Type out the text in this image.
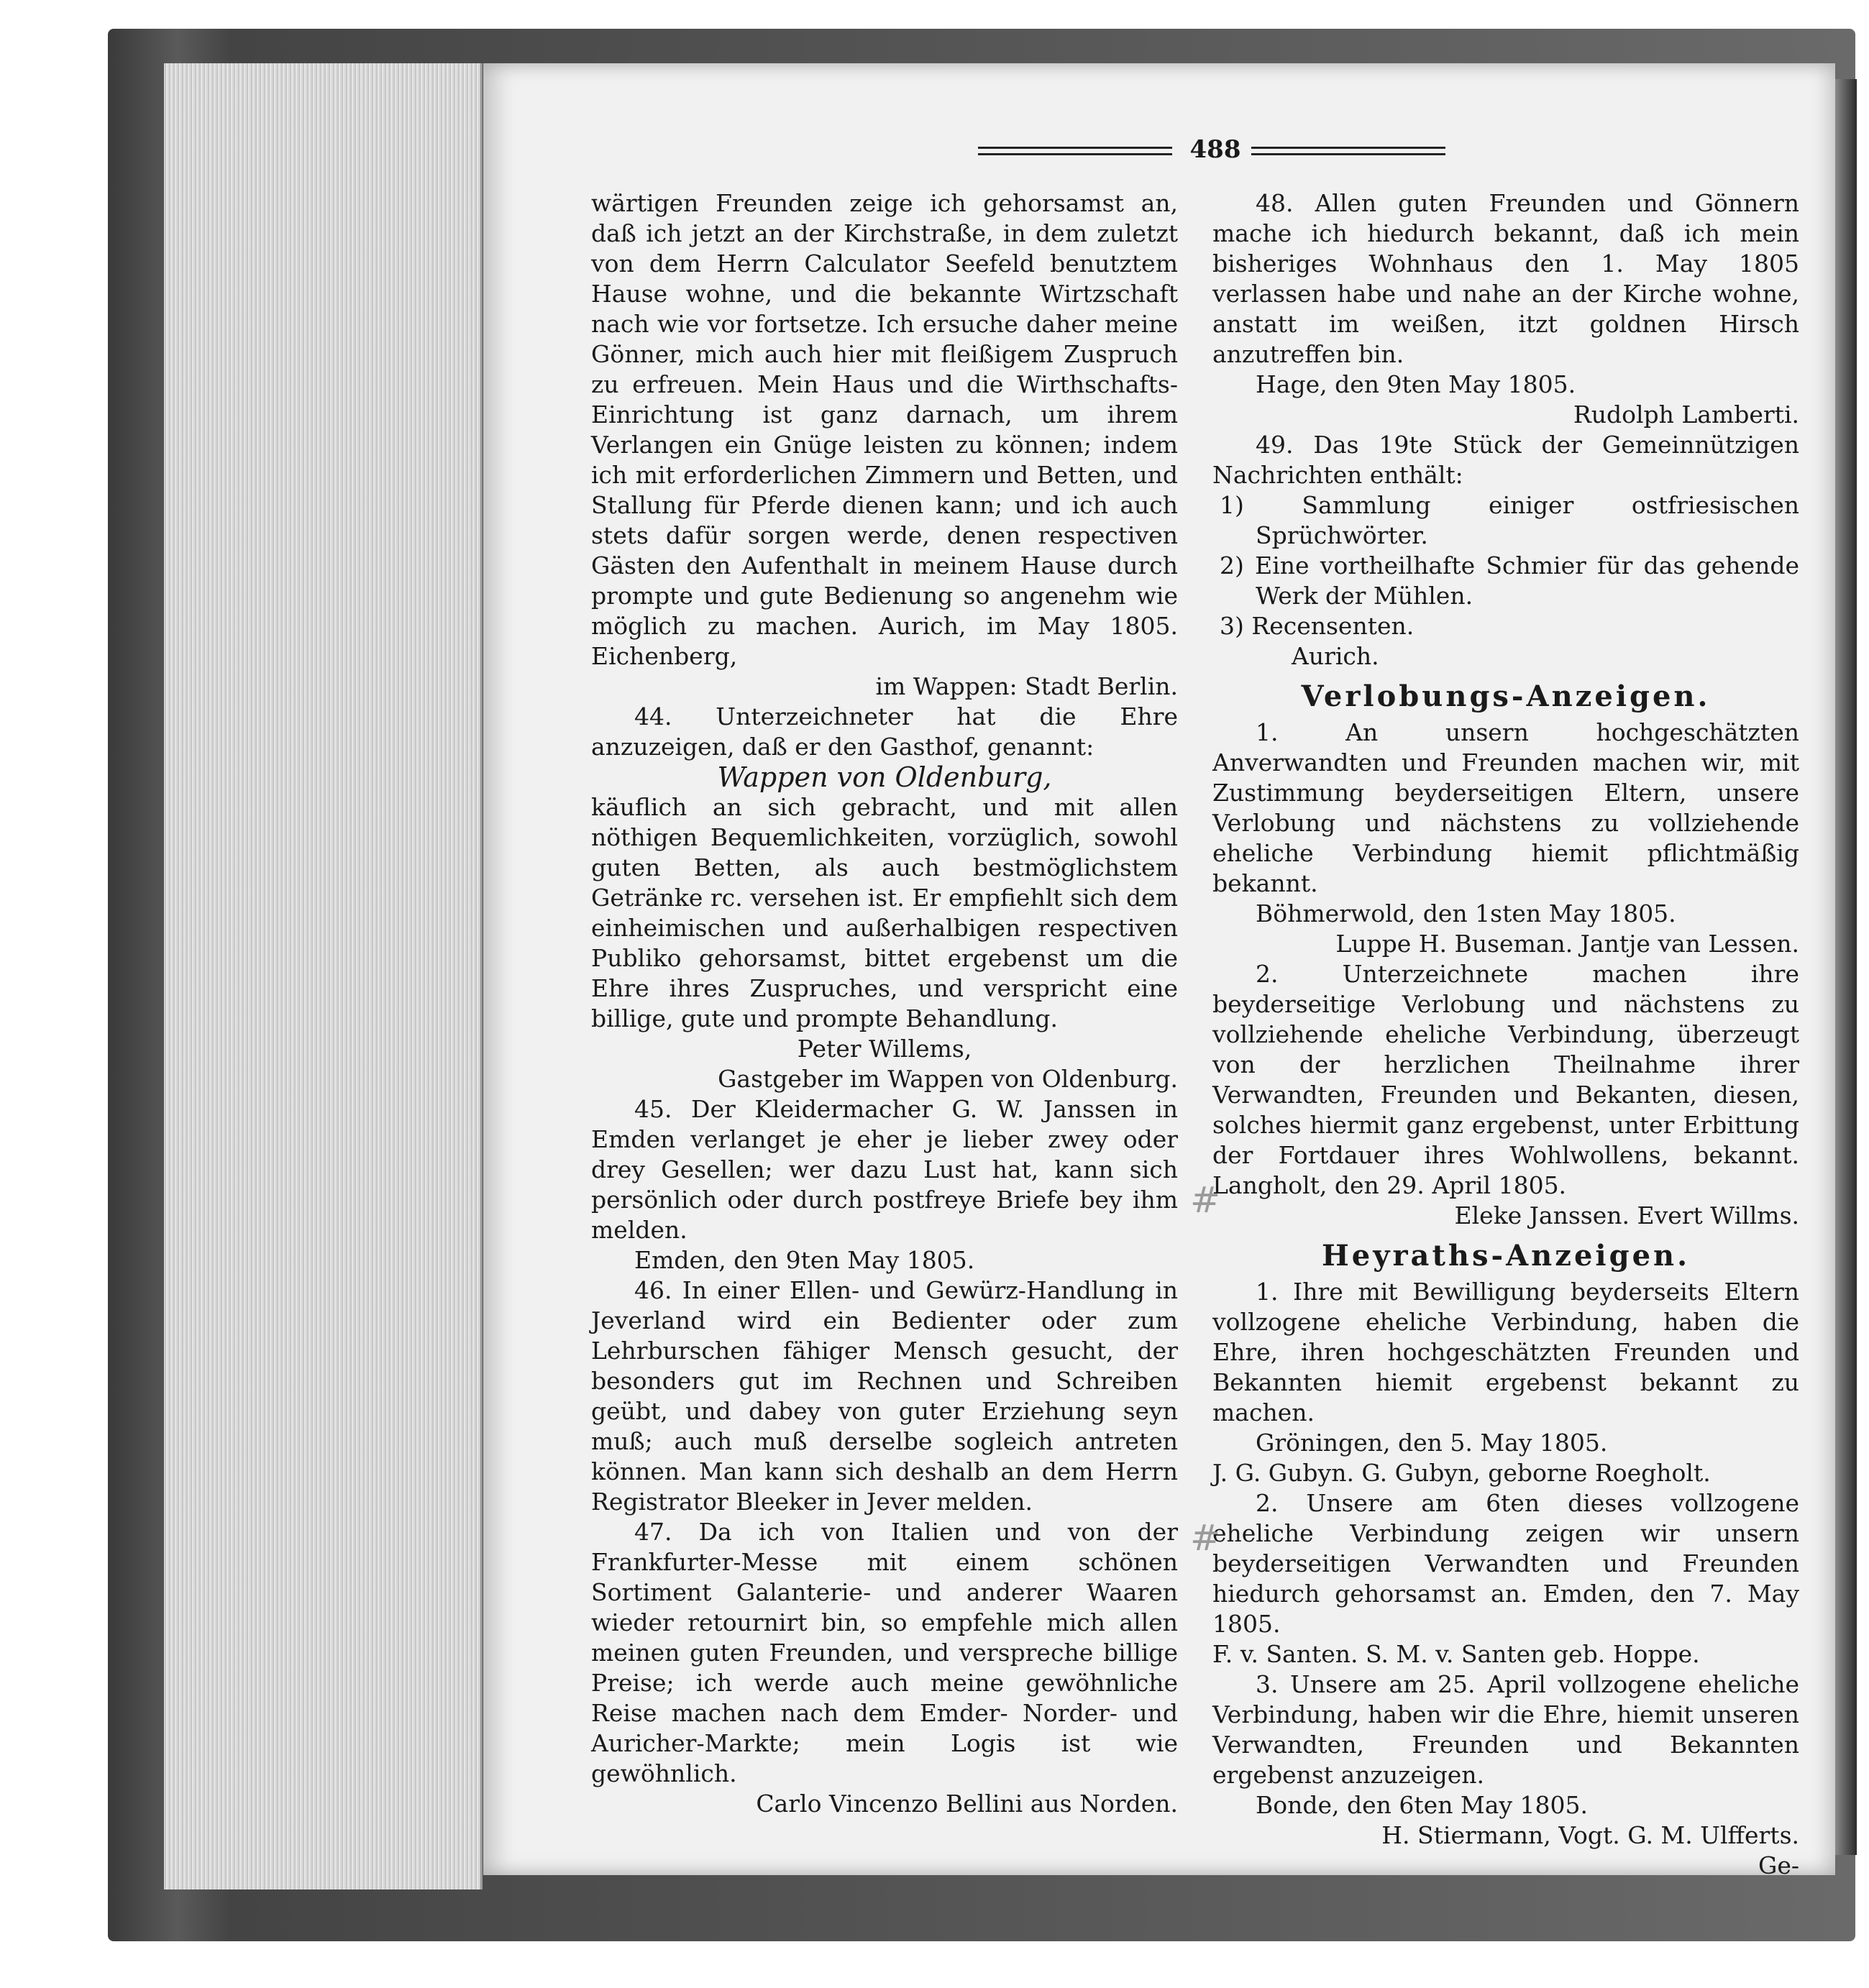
488

wärtigen Freunden zeige ich gehorsamst an, daß ich jetzt an der Kirchstraße, in dem zuletzt von dem Herrn Calculator Seefeld benutztem Hause wohne, und die bekannte Wirtzschaft nach wie vor fortsetze. Ich ersuche daher meine Gönner, mich auch hier mit fleißigem Zuspruch zu erfreuen. Mein Haus und die Wirthschafts-Einrichtung ist ganz darnach, um ihrem Verlangen ein Gnüge leisten zu können; indem ich mit erforderlichen Zimmern und Betten, und Stallung für Pferde dienen kann; und ich auch stets dafür sorgen werde, denen respectiven Gästen den Aufenthalt in meinem Hause durch prompte und gute Bedienung so angenehm wie möglich zu machen. Aurich, im May 1805. Eichenberg,

im Wappen: Stadt Berlin.

44. Unterzeichneter hat die Ehre anzuzeigen, daß er den Gasthof, genannt:

Wappen von Oldenburg,

käuflich an sich gebracht, und mit allen nöthigen Bequemlichkeiten, vorzüglich, sowohl guten Betten, als auch bestmöglichstem Getränke rc. versehen ist. Er empfiehlt sich dem einheimischen und außerhalbigen respectiven Publiko gehorsamst, bittet ergebenst um die Ehre ihres Zuspruches, und verspricht eine billige, gute und prompte Behandlung.

Peter Willems,

Gastgeber im Wappen von Oldenburg.

45. Der Kleidermacher G. W. Janssen in Emden verlanget je eher je lieber zwey oder drey Gesellen; wer dazu Lust hat, kann sich persönlich oder durch postfreye Briefe bey ihm melden.

Emden, den 9ten May 1805.

46. In einer Ellen- und Gewürz-Handlung in Jeverland wird ein Bedienter oder zum Lehrburschen fähiger Mensch gesucht, der besonders gut im Rechnen und Schreiben geübt, und dabey von guter Erziehung seyn muß; auch muß derselbe sogleich antreten können. Man kann sich deshalb an dem Herrn Registrator Bleeker in Jever melden.

47. Da ich von Italien und von der Frankfurter-Messe mit einem schönen Sortiment Galanterie- und anderer Waaren wieder retournirt bin, so empfehle mich allen meinen guten Freunden, und verspreche billige Preise; ich werde auch meine gewöhnliche Reise machen nach dem Emder- Norder- und Auricher-Markte; mein Logis ist wie gewöhnlich.

Carlo Vincenzo Bellini aus Norden.

48. Allen guten Freunden und Gönnern mache ich hiedurch bekannt, daß ich mein bisheriges Wohnhaus den 1. May 1805 verlassen habe und nahe an der Kirche wohne, anstatt im weißen, itzt goldnen Hirsch anzutreffen bin.

Hage, den 9ten May 1805.

Rudolph Lamberti.

49. Das 19te Stück der Gemeinnützigen Nachrichten enthält:

1) Sammlung einiger ostfriesischen Sprüchwörter.

2) Eine vortheilhafte Schmier für das gehende Werk der Mühlen.

3) Recensenten.

Aurich.

Verlobungs-Anzeigen.

1. An unsern hochgeschätzten Anverwandten und Freunden machen wir, mit Zustimmung beyderseitigen Eltern, unsere Verlobung und nächstens zu vollziehende eheliche Verbindung hiemit pflichtmäßig bekannt.

Böhmerwold, den 1sten May 1805.

Luppe H. Buseman. Jantje van Lessen.

2. Unterzeichnete machen ihre beyderseitige Verlobung und nächstens zu vollziehende eheliche Verbindung, überzeugt von der herzlichen Theilnahme ihrer Verwandten, Freunden und Bekanten, diesen, solches hiermit ganz ergebenst, unter Erbittung der Fortdauer ihres Wohlwollens, bekannt. Langholt, den 29. April 1805.

Eleke Janssen. Evert Willms.

Heyraths-Anzeigen.

1. Ihre mit Bewilligung beyderseits Eltern vollzogene eheliche Verbindung, haben die Ehre, ihren hochgeschätzten Freunden und Bekannten hiemit ergebenst bekannt zu machen.

Gröningen, den 5. May 1805.

J. G. Gubyn. G. Gubyn, geborne Roegholt.

2. Unsere am 6ten dieses vollzogene eheliche Verbindung zeigen wir unsern beyderseitigen Verwandten und Freunden hiedurch gehorsamst an. Emden, den 7. May 1805.

F. v. Santen. S. M. v. Santen geb. Hoppe.

3. Unsere am 25. April vollzogene eheliche Verbindung, haben wir die Ehre, hiemit unseren Verwandten, Freunden und Bekannten ergebenst anzuzeigen.

Bonde, den 6ten May 1805.

H. Stiermann, Vogt. G. M. Ulfferts.

Ge-

#
#
